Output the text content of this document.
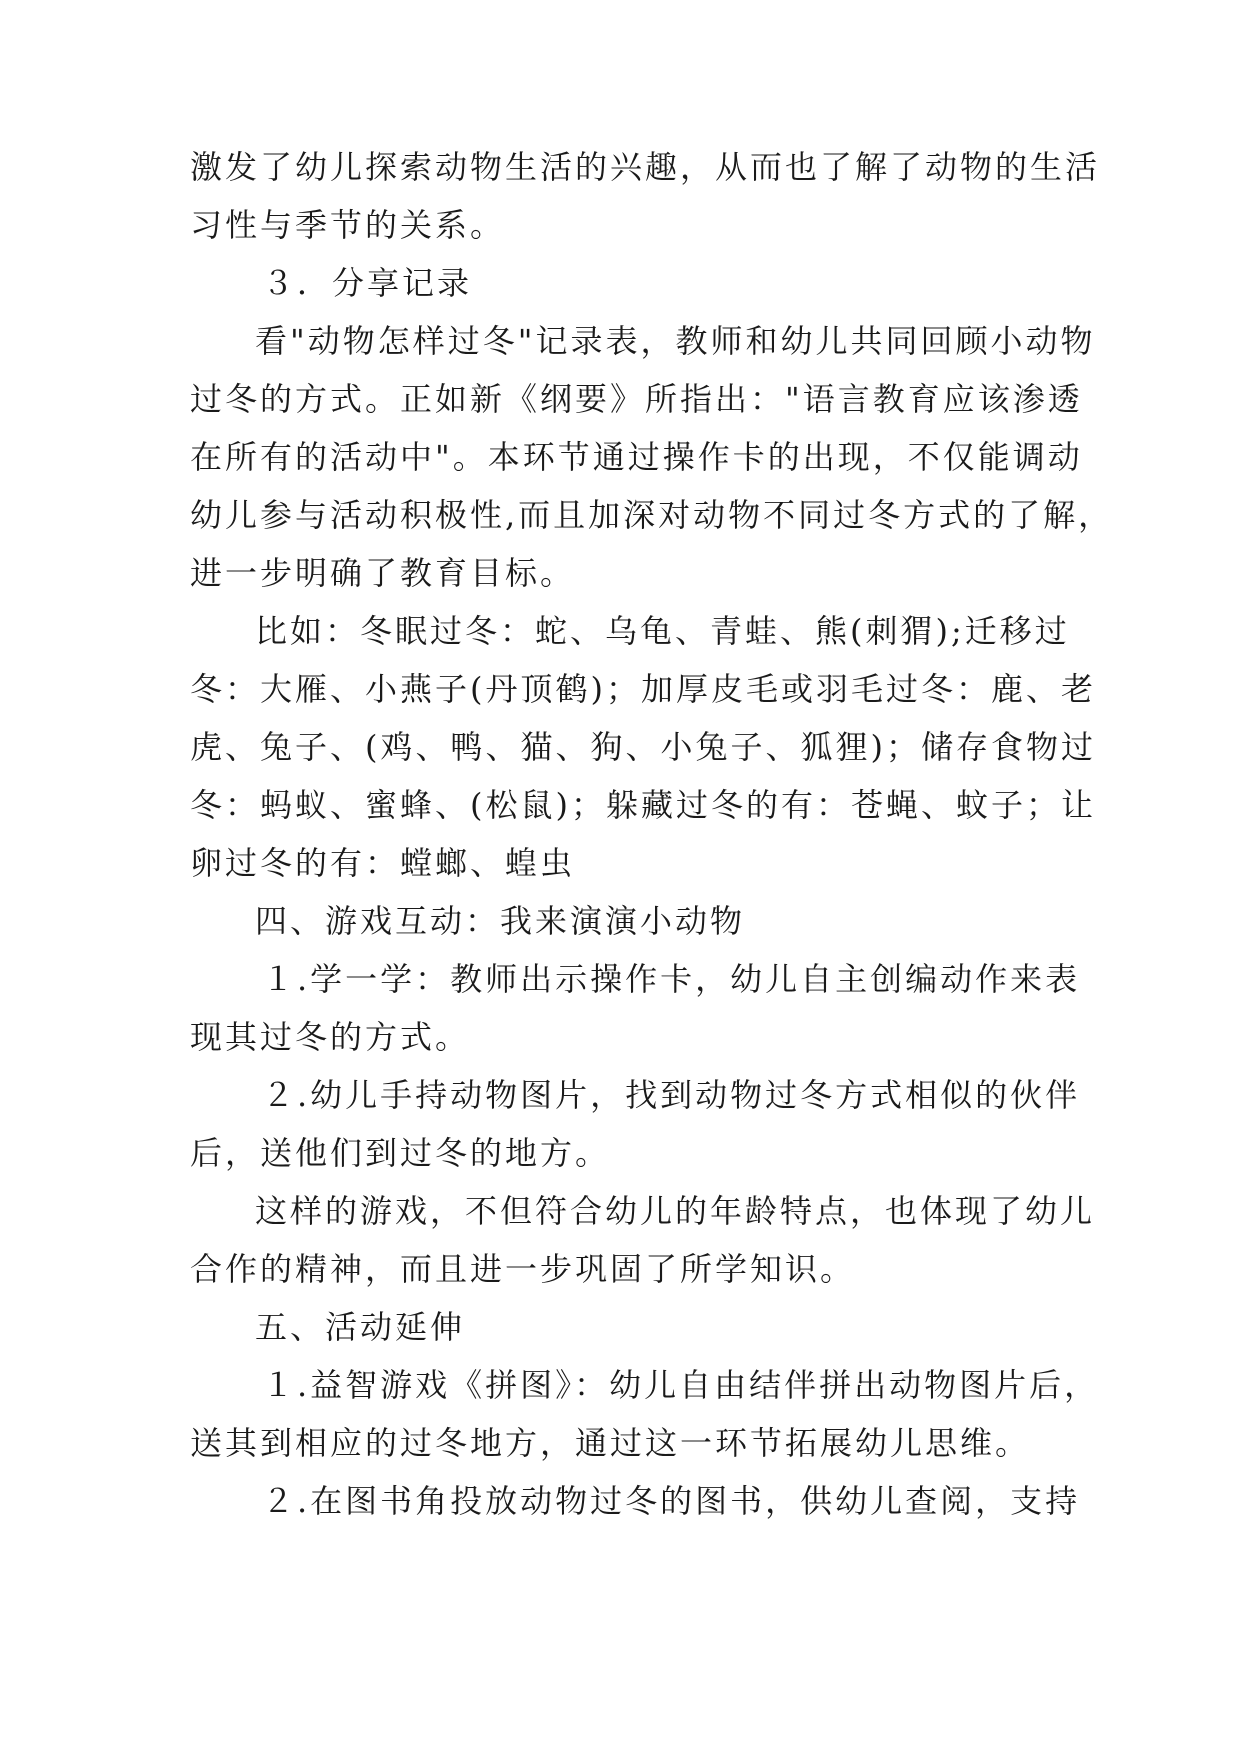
激发了幼儿探索动物生活的兴趣，从而也了解了动物的生活
习性与季节的关系。
３．分享记录
看"动物怎样过冬"记录表，教师和幼儿共同回顾小动物
过冬的方式。正如新《纲要》所指出："语言教育应该渗透
在所有的活动中"。本环节通过操作卡的出现，不仅能调动
幼儿参与活动积极性,而且加深对动物不同过冬方式的了解，
进一步明确了教育目标。
比如：冬眠过冬：蛇、乌龟、青蛙、熊(刺猬);迁移过
冬：大雁、小燕子(丹顶鹤)；加厚皮毛或羽毛过冬：鹿、老
虎、兔子、(鸡、鸭、猫、狗、小兔子、狐狸)；储存食物过
冬：蚂蚁、蜜蜂、(松鼠)；躲藏过冬的有：苍蝇、蚊子；让
卵过冬的有：螳螂、蝗虫
四、游戏互动：我来演演小动物
１.学一学：教师出示操作卡，幼儿自主创编动作来表
现其过冬的方式。
２.幼儿手持动物图片，找到动物过冬方式相似的伙伴
后，送他们到过冬的地方。
这样的游戏，不但符合幼儿的年龄特点，也体现了幼儿
合作的精神，而且进一步巩固了所学知识。
五、活动延伸
１.益智游戏《拼图》：幼儿自由结伴拼出动物图片后，
送其到相应的过冬地方，通过这一环节拓展幼儿思维。
２.在图书角投放动物过冬的图书，供幼儿查阅，支持
